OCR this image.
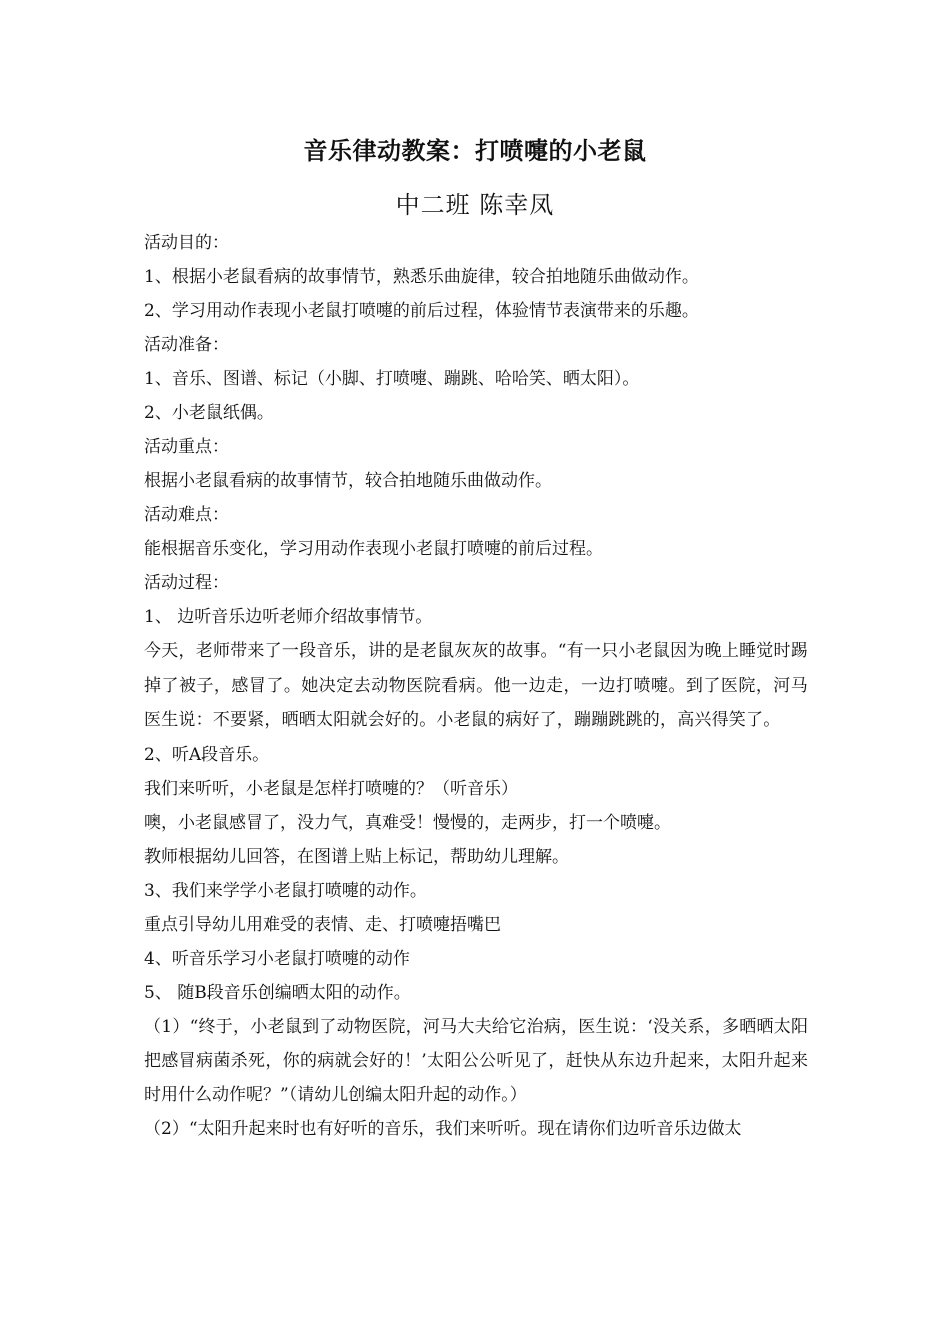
音乐律动教案：打喷嚏的小老鼠
中二班 陈幸凤
活动目的：
1、根据小老鼠看病的故事情节，熟悉乐曲旋律，较合拍地随乐曲做动作。
2、学习用动作表现小老鼠打喷嚏的前后过程，体验情节表演带来的乐趣。
活动准备：
1、音乐、图谱、标记（小脚、打喷嚏、蹦跳、哈哈笑、晒太阳）。
2、小老鼠纸偶。
活动重点：
根据小老鼠看病的故事情节，较合拍地随乐曲做动作。
活动难点：
能根据音乐变化，学习用动作表现小老鼠打喷嚏的前后过程。
活动过程：
1、 边听音乐边听老师介绍故事情节。
今天，老师带来了一段音乐，讲的是老鼠灰灰的故事。“有一只小老鼠因为晚上睡觉时踢掉了被子，感冒了。她决定去动物医院看病。他一边走，一边打喷嚏。到了医院，河马医生说：不要紧，晒晒太阳就会好的。小老鼠的病好了，蹦蹦跳跳的，高兴得笑了。
2、听A段音乐。
我们来听听，小老鼠是怎样打喷嚏的？（听音乐）
噢，小老鼠感冒了，没力气，真难受！慢慢的，走两步，打一个喷嚏。
教师根据幼儿回答，在图谱上贴上标记，帮助幼儿理解。
3、我们来学学小老鼠打喷嚏的动作。
重点引导幼儿用难受的表情、走、打喷嚏捂嘴巴
4、听音乐学习小老鼠打喷嚏的动作
5、 随B段音乐创编晒太阳的动作。
（1）“终于，小老鼠到了动物医院，河马大夫给它治病，医生说：‘没关系，多晒晒太阳把感冒病菌杀死，你的病就会好的！’太阳公公听见了，赶快从东边升起来，太阳升起来时用什么动作呢？”（请幼儿创编太阳升起的动作。）
（2）“太阳升起来时也有好听的音乐，我们来听听。现在请你们边听音乐边做太
